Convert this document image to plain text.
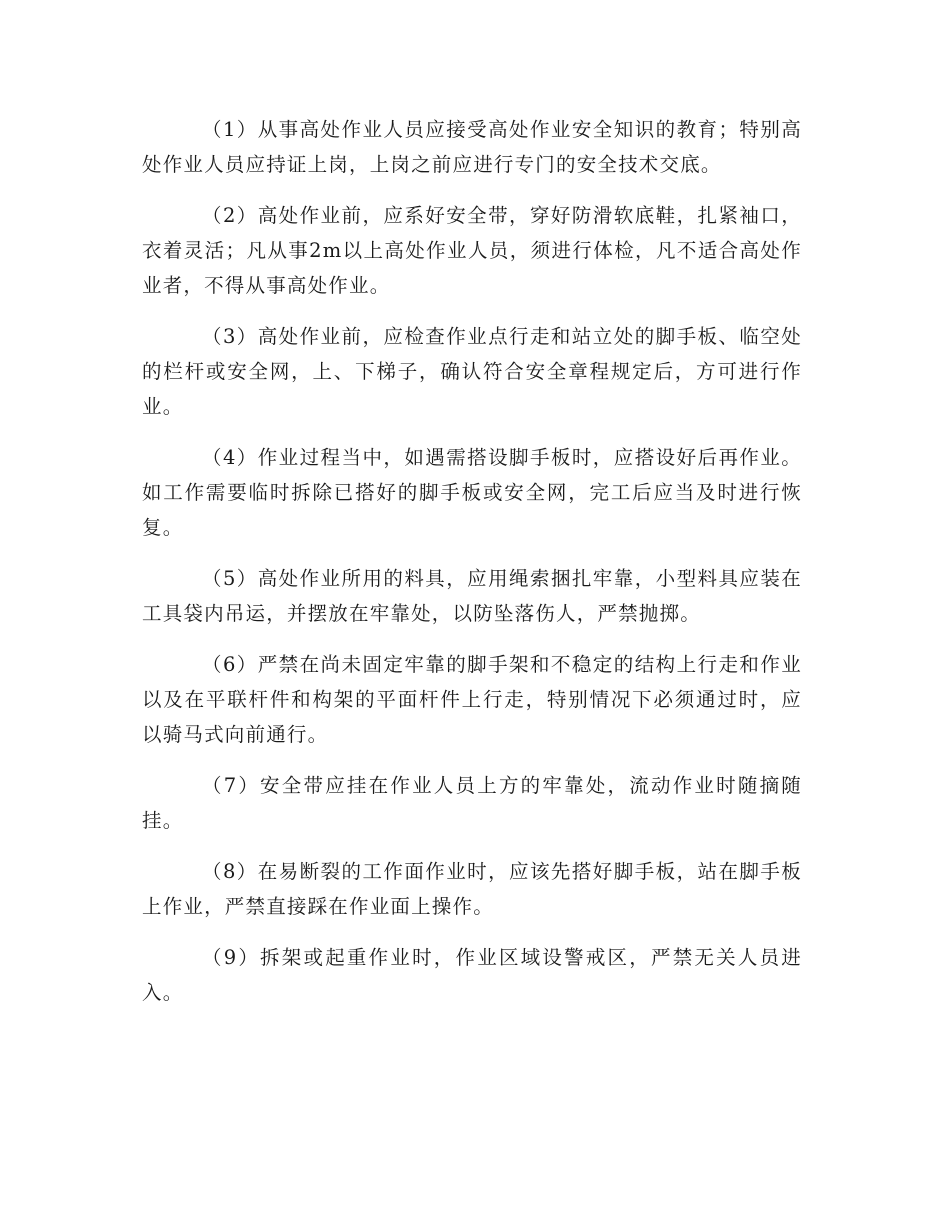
（1）从事高处作业人员应接受高处作业安全知识的教育；特别高处作业人员应持证上岗，上岗之前应进行专门的安全技术交底。

（2）高处作业前，应系好安全带，穿好防滑软底鞋，扎紧袖口，衣着灵活；凡从事2m以上高处作业人员，须进行体检，凡不适合高处作业者，不得从事高处作业。

（3）高处作业前，应检查作业点行走和站立处的脚手板、临空处的栏杆或安全网，上、下梯子，确认符合安全章程规定后，方可进行作业。

（4）作业过程当中，如遇需搭设脚手板时，应搭设好后再作业。如工作需要临时拆除已搭好的脚手板或安全网，完工后应当及时进行恢复。

（5）高处作业所用的料具，应用绳索捆扎牢靠，小型料具应装在工具袋内吊运，并摆放在牢靠处，以防坠落伤人，严禁抛掷。

（6）严禁在尚未固定牢靠的脚手架和不稳定的结构上行走和作业以及在平联杆件和构架的平面杆件上行走，特别情况下必须通过时，应以骑马式向前通行。

（7）安全带应挂在作业人员上方的牢靠处，流动作业时随摘随挂。

（8）在易断裂的工作面作业时，应该先搭好脚手板，站在脚手板上作业，严禁直接踩在作业面上操作。

（9）拆架或起重作业时，作业区域设警戒区，严禁无关人员进入。
